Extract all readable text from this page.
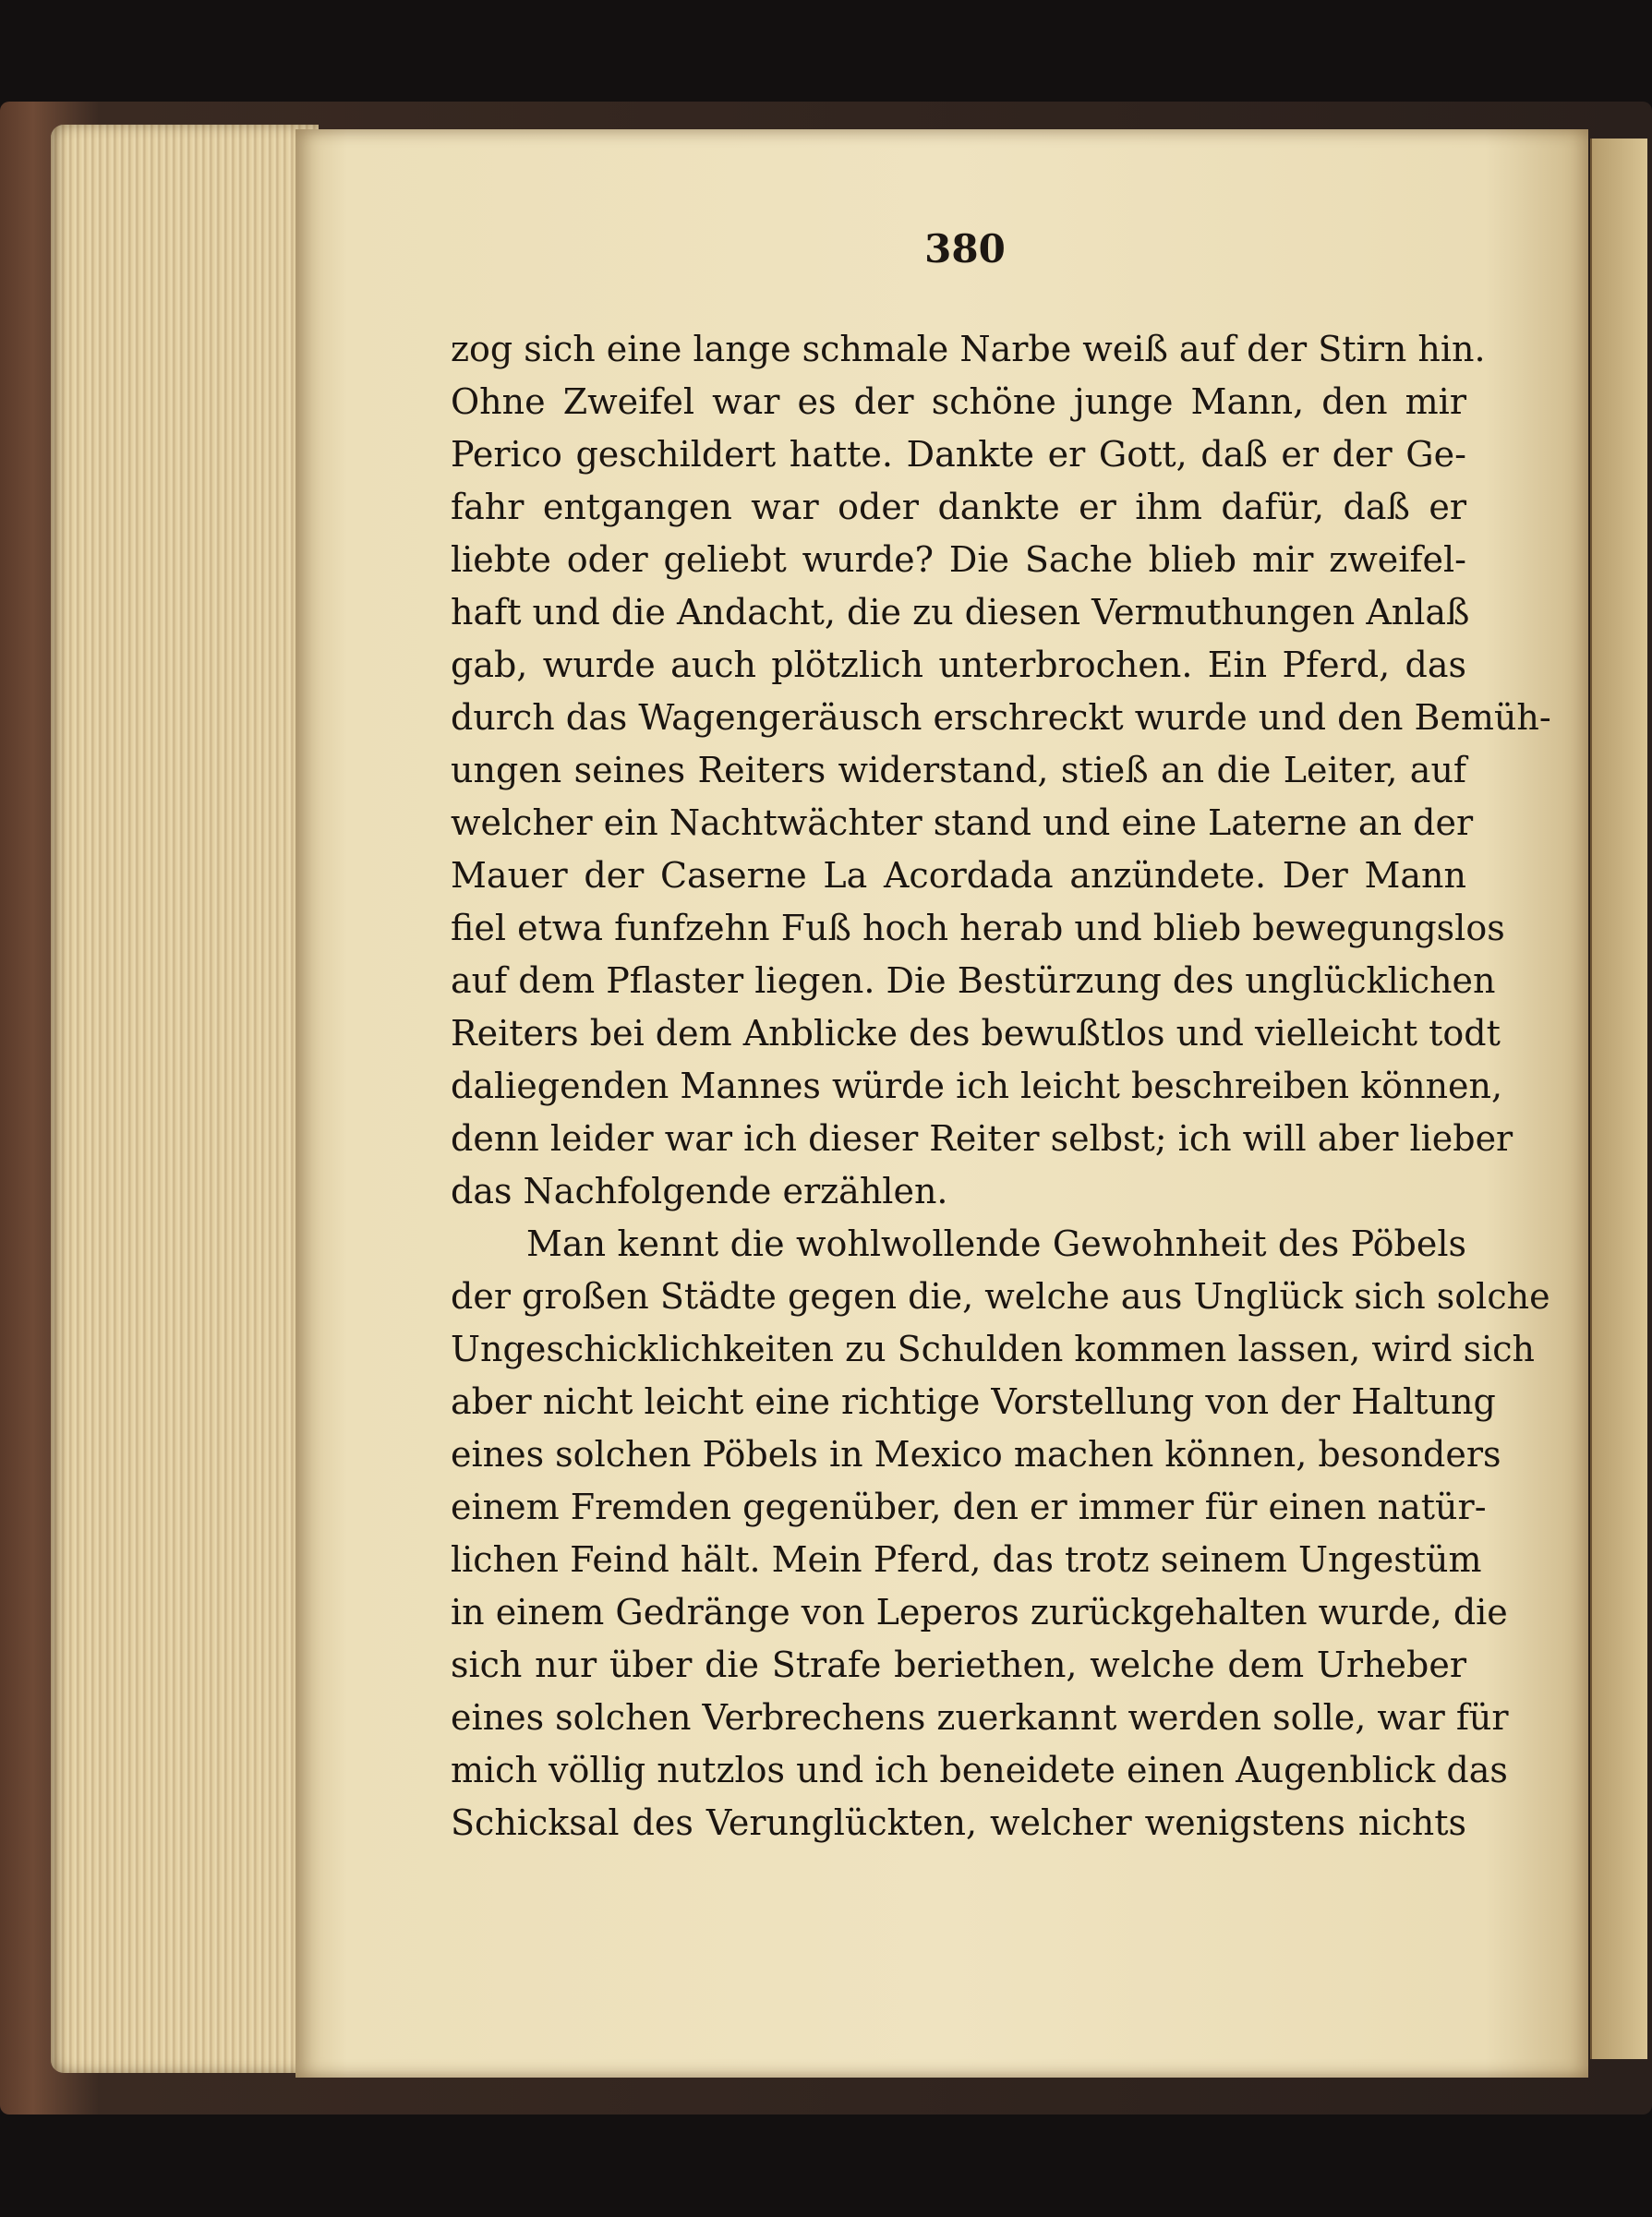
380
zog sich eine lange schmale Narbe weiß auf der Stirn hin.
Ohne Zweifel war es der schöne junge Mann, den mir
Perico geschildert hatte. Dankte er Gott, daß er der Ge-
fahr entgangen war oder dankte er ihm dafür, daß er
liebte oder geliebt wurde? Die Sache blieb mir zweifel-
haft und die Andacht, die zu diesen Vermuthungen Anlaß
gab, wurde auch plötzlich unterbrochen. Ein Pferd, das
durch das Wagengeräusch erschreckt wurde und den Bemüh-
ungen seines Reiters widerstand, stieß an die Leiter, auf
welcher ein Nachtwächter stand und eine Laterne an der
Mauer der Caserne La Acordada anzündete. Der Mann
fiel etwa funfzehn Fuß hoch herab und blieb bewegungslos
auf dem Pflaster liegen. Die Bestürzung des unglücklichen
Reiters bei dem Anblicke des bewußtlos und vielleicht todt
daliegenden Mannes würde ich leicht beschreiben können,
denn leider war ich dieser Reiter selbst; ich will aber lieber
das Nachfolgende erzählen.
Man kennt die wohlwollende Gewohnheit des Pöbels
der großen Städte gegen die, welche aus Unglück sich solche
Ungeschicklichkeiten zu Schulden kommen lassen, wird sich
aber nicht leicht eine richtige Vorstellung von der Haltung
eines solchen Pöbels in Mexico machen können, besonders
einem Fremden gegenüber, den er immer für einen natür-
lichen Feind hält. Mein Pferd, das trotz seinem Ungestüm
in einem Gedränge von Leperos zurückgehalten wurde, die
sich nur über die Strafe beriethen, welche dem Urheber
eines solchen Verbrechens zuerkannt werden solle, war für
mich völlig nutzlos und ich beneidete einen Augenblick das
Schicksal des Verunglückten, welcher wenigstens nichts
